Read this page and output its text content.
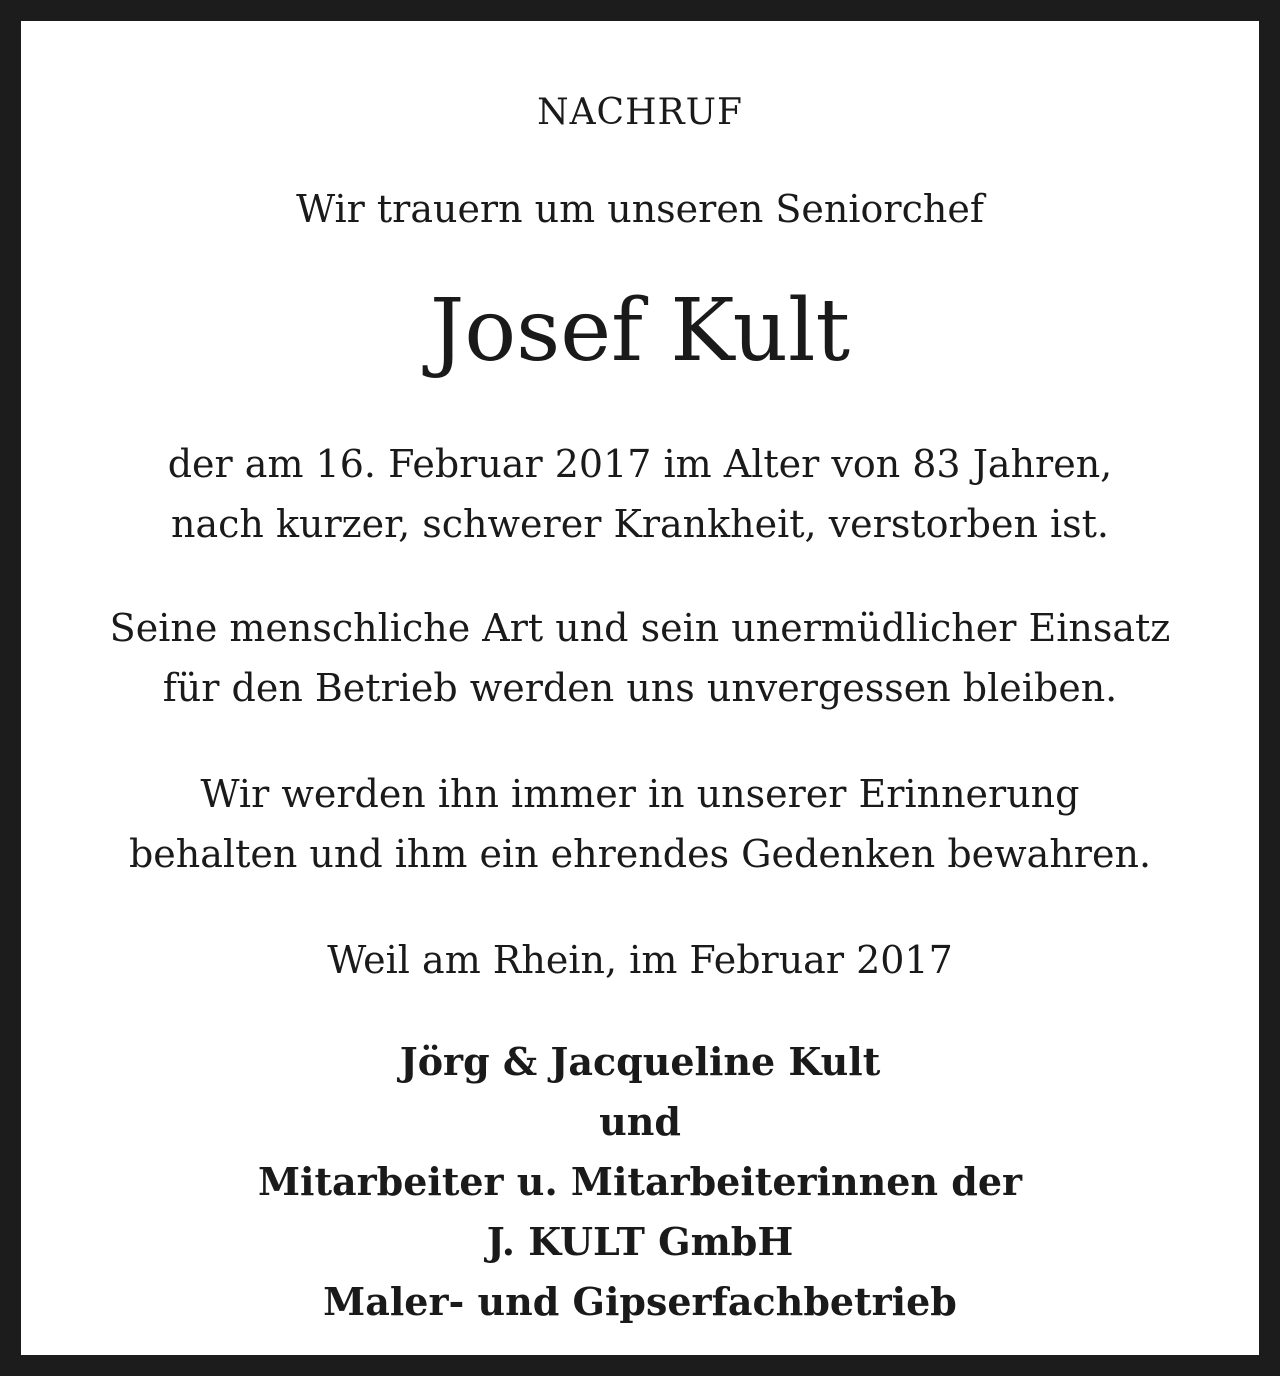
NACHRUF

Wir trauern um unseren Seniorchef

Josef Kult

der am 16. Februar 2017 im Alter von 83 Jahren,
nach kurzer, schwerer Krankheit, verstorben ist.
Seine menschliche Art und sein unermüdlicher Einsatz
für den Betrieb werden uns unvergessen bleiben.
Wir werden ihn immer in unserer Erinnerung
behalten und ihm ein ehrendes Gedenken bewahren.

Weil am Rhein, im Februar 2017

Jörg & Jacqueline Kult
und
Mitarbeiter u. Mitarbeiterinnen der
J. KULT GmbH
Maler- und Gipserfachbetrieb
